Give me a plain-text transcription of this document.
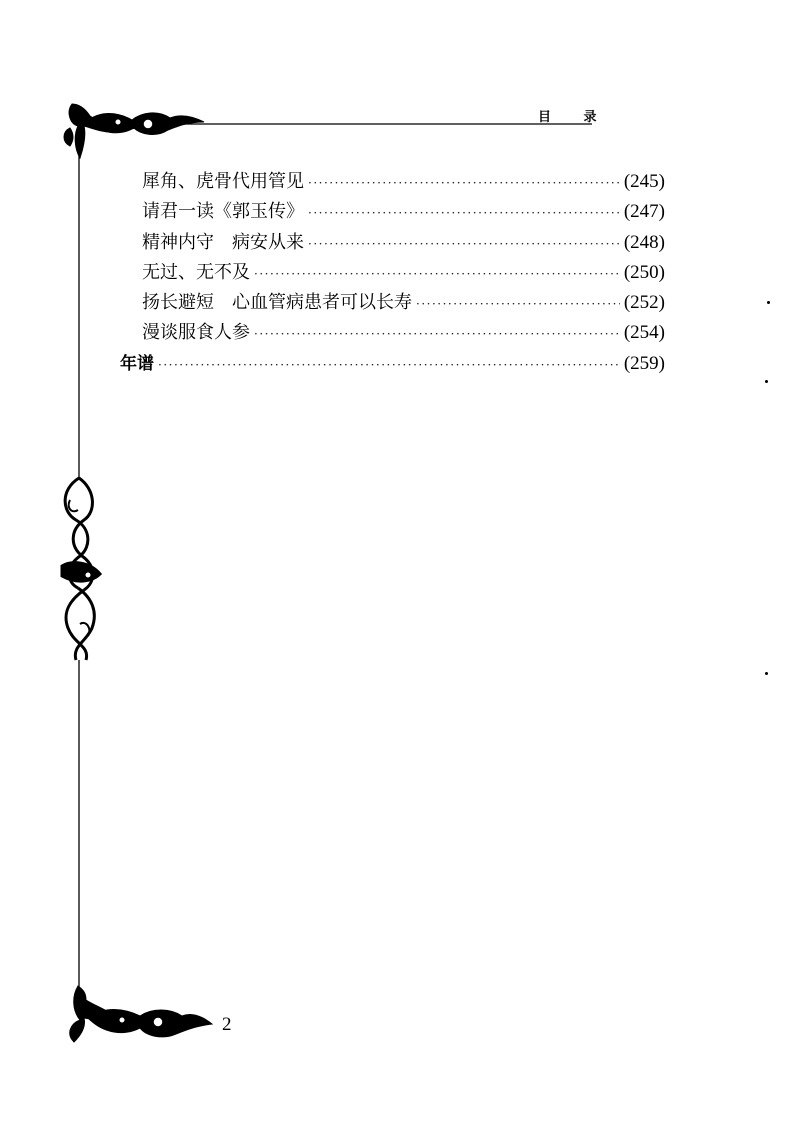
目 录
犀角、虎骨代用管见 ·····	(245)
请君一读《郭玉传》 ·····	(247)
精神内守　病安从来 ·····	(248)
无过、无不及 ·····	(250)
扬长避短　心血管病患者可以长寿 ·····	(252)
漫谈服食人参 ·····	(254)
年谱 ·····	(259)
2
